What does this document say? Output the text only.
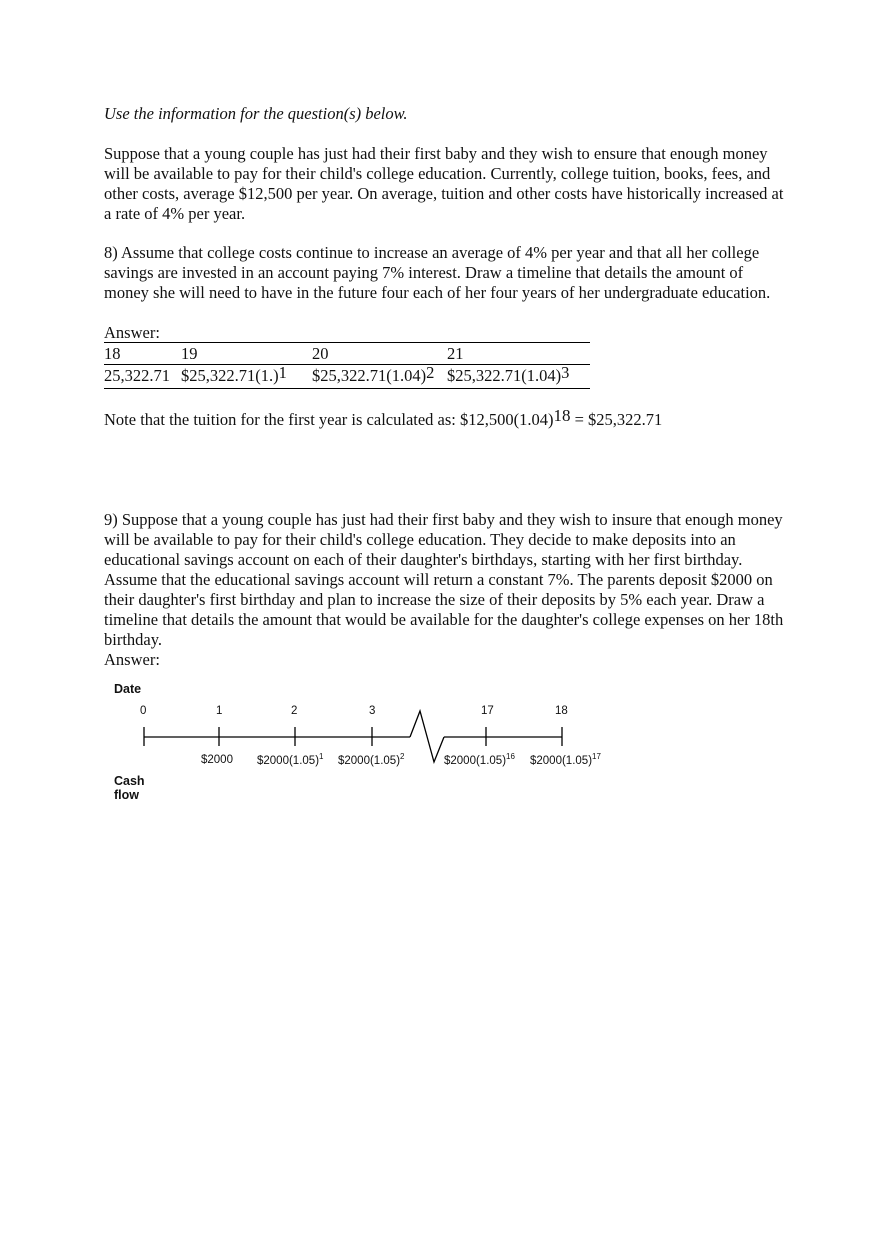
Use the information for the question(s) below.

Suppose that a young couple has just had their first baby and they wish to ensure that enough money will be available to pay for their child's college education. Currently, college tuition, books, fees, and other costs, average $12,500 per year. On average, tuition and other costs have historically increased at a rate of 4% per year.

8) Assume that college costs continue to increase an average of 4% per year and that all her college savings are invested in an account paying 7% interest. Draw a timeline that details the amount of money she will need to have in the future four each of her four years of her undergraduate education.

Answer:

18	19	20	21
25,322.71 $25,322.71(1.)1 $25,322.71(1.04)2 $25,322.71(1.04)3

Note that the tuition for the first year is calculated as: $12,500(1.04)18 = $25,322.71

9) Suppose that a young couple has just had their first baby and they wish to insure that enough money will be available to pay for their child's college education. They decide to make deposits into an educational savings account on each of their daughter's birthdays, starting with her first birthday. Assume that the educational savings account will return a constant 7%. The parents deposit $2000 on their daughter's first birthday and plan to increase the size of their deposits by 5% each year. Draw a timeline that details the amount that would be available for the daughter's college expenses on her 18th birthday.

Answer:

Date
0	1	2	3	17	18
$2000 $\$2000(1.05)^1$ $\$2000(1.05)^2$	$\$2000(1.05)^{16}$ $\$2000(1.05)^{17}$
Cash
flow
